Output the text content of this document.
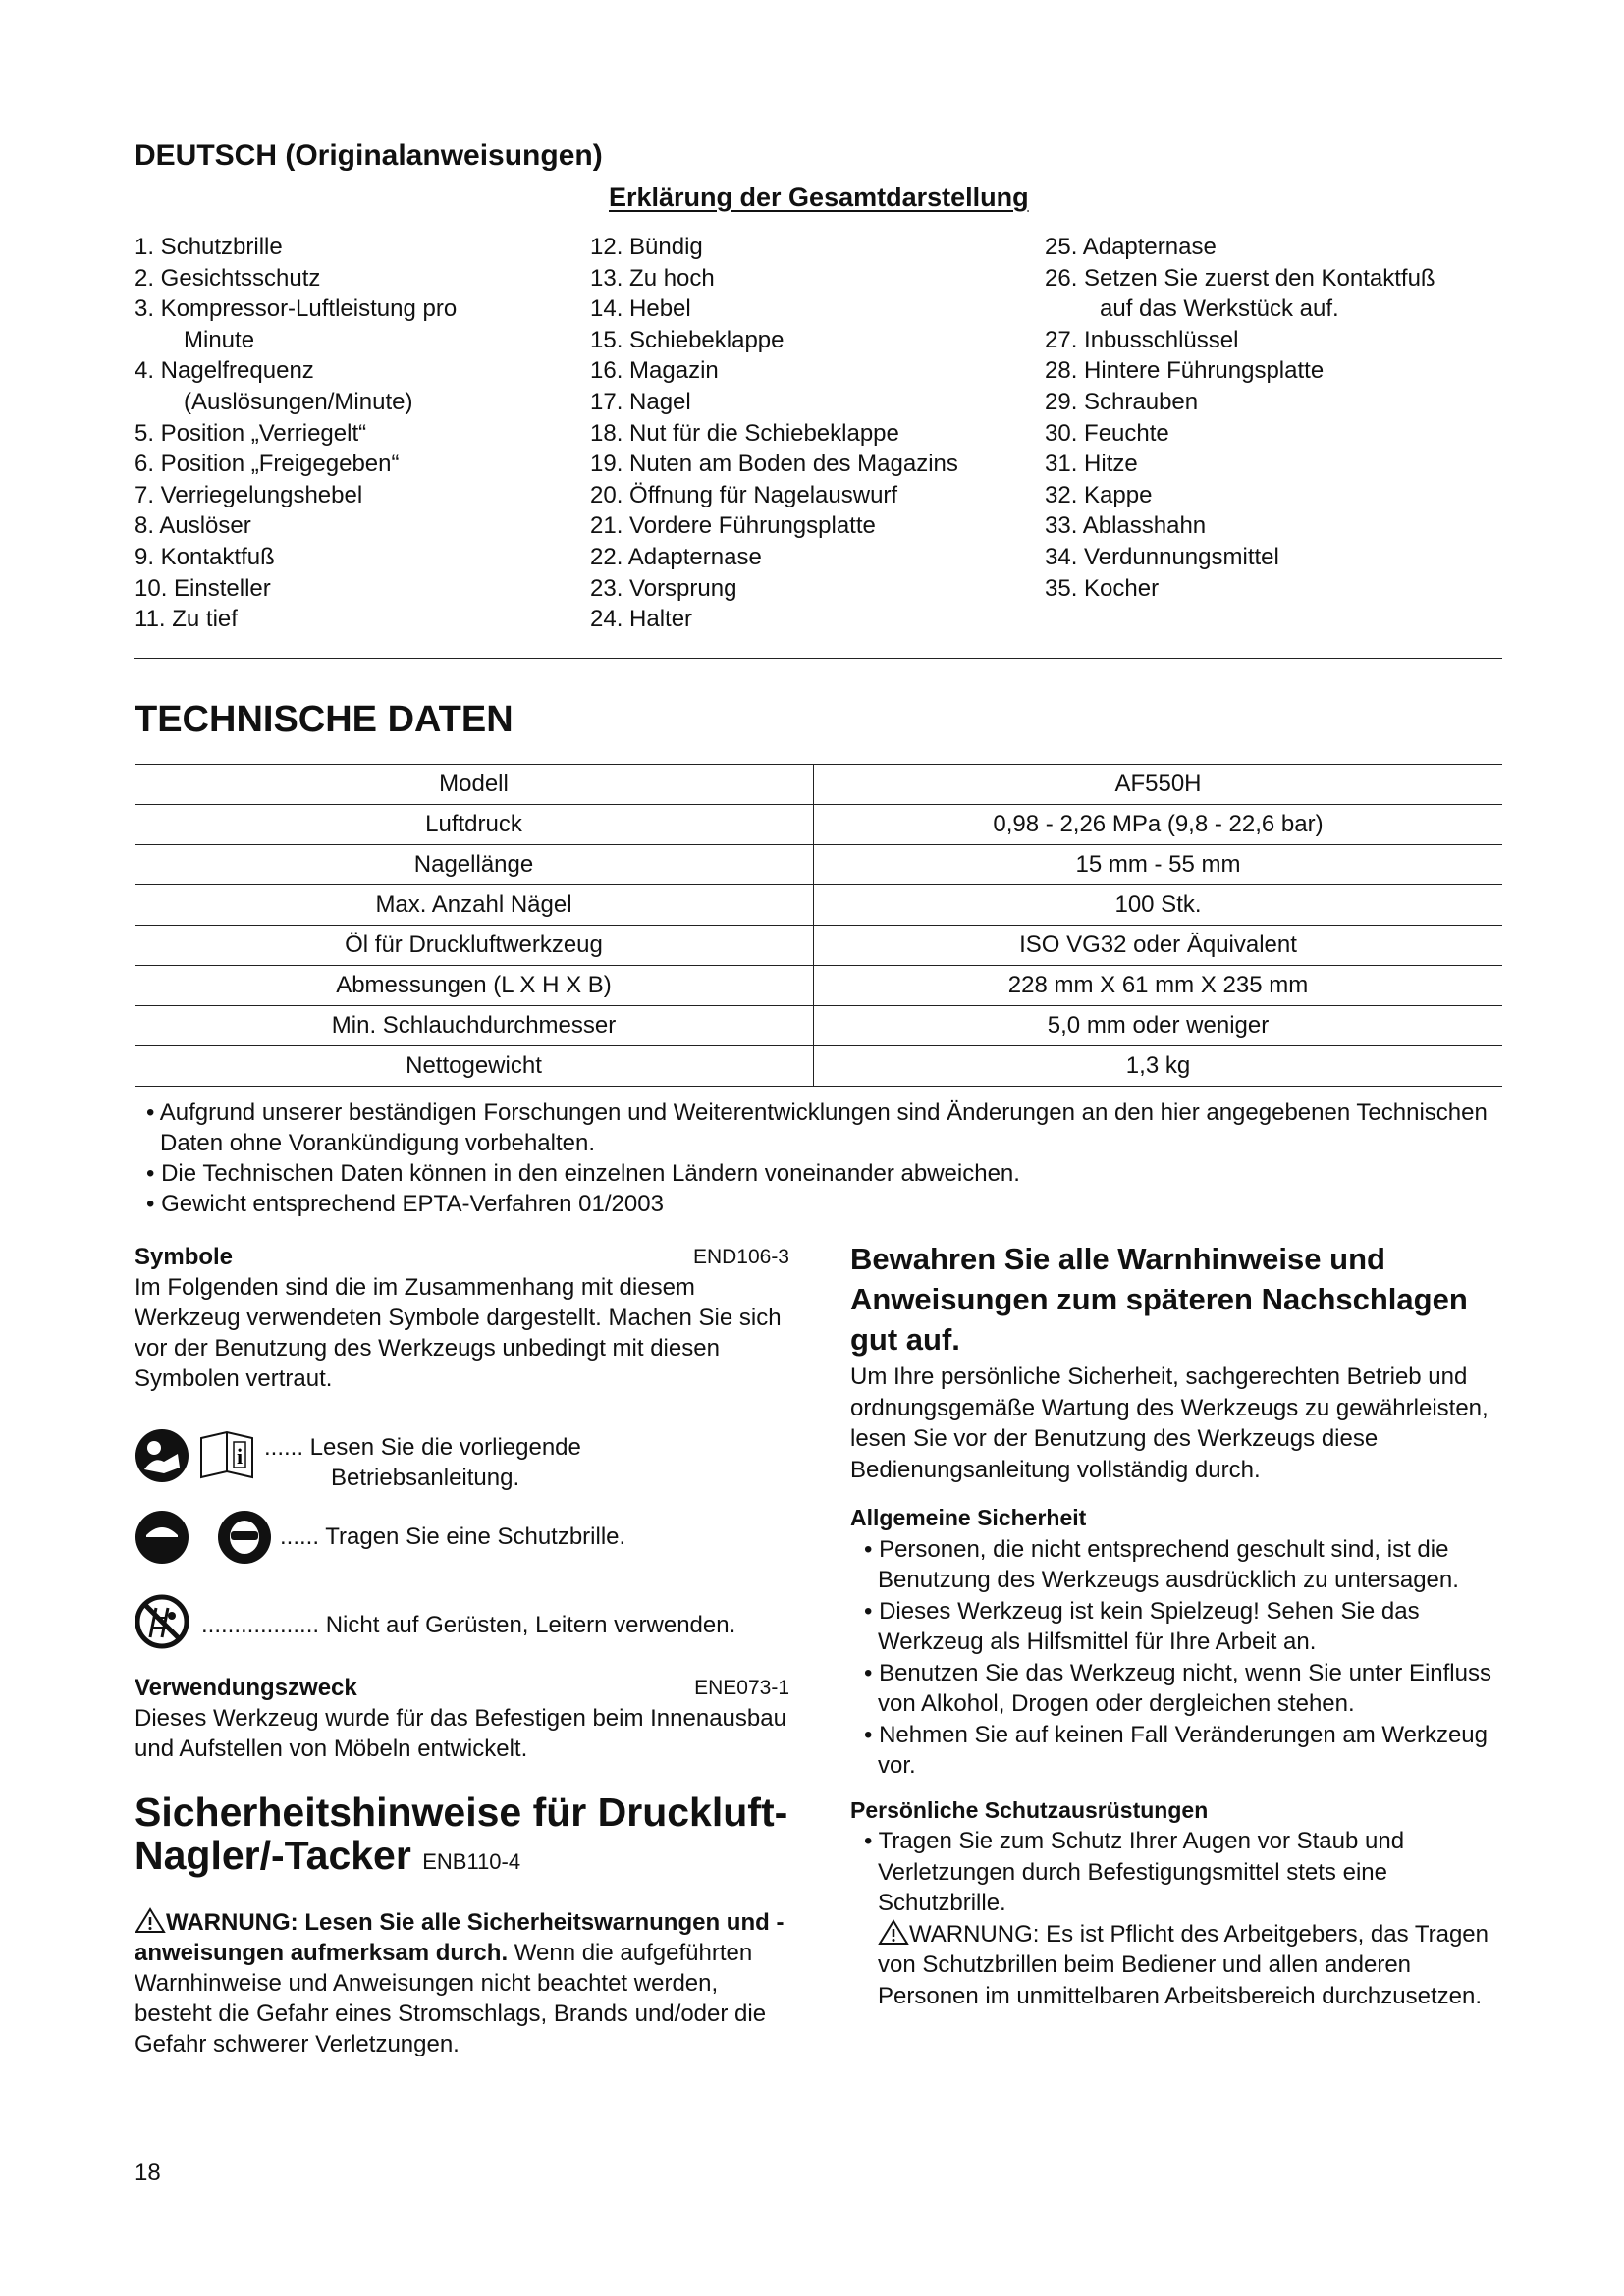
DEUTSCH (Originalanweisungen)
Erklärung der Gesamtdarstellung
1. Schutzbrille
2. Gesichtsschutz
3. Kompressor-Luftleistung pro
Minute
4. Nagelfrequenz
(Auslösungen/Minute)
5. Position „Verriegelt“
6. Position „Freigegeben“
7. Verriegelungshebel
8. Auslöser
9. Kontaktfuß
10. Einsteller
11. Zu tief
12. Bündig
13. Zu hoch
14. Hebel
15. Schiebeklappe
16. Magazin
17. Nagel
18. Nut für die Schiebeklappe
19. Nuten am Boden des Magazins
20. Öffnung für Nagelauswurf
21. Vordere Führungsplatte
22. Adapternase
23. Vorsprung
24. Halter
25. Adapternase
26. Setzen Sie zuerst den Kontaktfuß
auf das Werkstück auf.
27. Inbusschlüssel
28. Hintere Führungsplatte
29. Schrauben
30. Feuchte
31. Hitze
32. Kappe
33. Ablasshahn
34. Verdunnungsmittel
35. Kocher
TECHNISCHE DATEN
Modell	AF550H
Luftdruck	0,98 - 2,26 MPa (9,8 - 22,6 bar)
Nagellänge	15 mm - 55 mm
Max. Anzahl Nägel	100 Stk.
Öl für Druckluftwerkzeug	ISO VG32 oder Äquivalent
Abmessungen (L X H X B)	228 mm X 61 mm X 235 mm
Min. Schlauchdurchmesser	5,0 mm oder weniger
Nettogewicht	1,3 kg
• Aufgrund unserer beständigen Forschungen und Weiterentwicklungen sind Änderungen an den hier angegebenen Technischen Daten ohne Vorankündigung vorbehalten.
• Die Technischen Daten können in den einzelnen Ländern voneinander abweichen.
• Gewicht entsprechend EPTA-Verfahren 01/2003
Symbole	END106-3
Im Folgenden sind die im Zusammenhang mit diesem Werkzeug verwendeten Symbole dargestellt. Machen Sie sich vor der Benutzung des Werkzeugs unbedingt mit diesen Symbolen vertraut.
i ...... Lesen Sie die vorliegende
Betriebsanleitung.
...... Tragen Sie eine Schutzbrille.
.................. Nicht auf Gerüsten, Leitern verwenden.
Verwendungszweck	ENE073-1
Dieses Werkzeug wurde für das Befestigen beim Innenausbau und Aufstellen von Möbeln entwickelt.
Sicherheitshinweise für Druckluft-
Nagler/-Tacker ENB110-4
WARNUNG: Lesen Sie alle Sicherheitswarnungen und -anweisungen aufmerksam durch. Wenn die aufgeführten Warnhinweise und Anweisungen nicht beachtet werden, besteht die Gefahr eines Stromschlags, Brands und/oder die Gefahr schwerer Verletzungen.
Bewahren Sie alle Warnhinweise und Anweisungen zum späteren Nachschlagen gut auf.
Um Ihre persönliche Sicherheit, sachgerechten Betrieb und ordnungsgemäße Wartung des Werkzeugs zu gewährleisten, lesen Sie vor der Benutzung des Werkzeugs diese Bedienungsanleitung vollständig durch.
Allgemeine Sicherheit
• Personen, die nicht entsprechend geschult sind, ist die Benutzung des Werkzeugs ausdrücklich zu untersagen.
• Dieses Werkzeug ist kein Spielzeug! Sehen Sie das Werkzeug als Hilfsmittel für Ihre Arbeit an.
• Benutzen Sie das Werkzeug nicht, wenn Sie unter Einfluss von Alkohol, Drogen oder dergleichen stehen.
• Nehmen Sie auf keinen Fall Veränderungen am Werkzeug vor.
Persönliche Schutzausrüstungen
• Tragen Sie zum Schutz Ihrer Augen vor Staub und Verletzungen durch Befestigungsmittel stets eine Schutzbrille.
WARNUNG: Es ist Pflicht des Arbeitgebers, das Tragen von Schutzbrillen beim Bediener und allen anderen Personen im unmittelbaren Arbeitsbereich durchzusetzen.
18
